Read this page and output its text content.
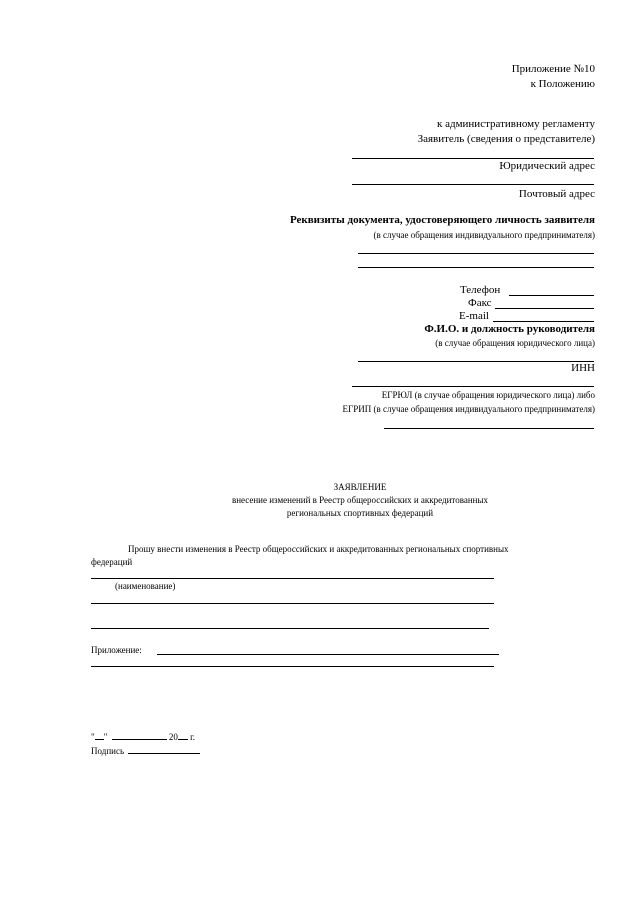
Приложение №10
к Положению
к административному регламенту
Заявитель (сведения о представителе)
Юридический адрес
Почтовый адрес
Реквизиты документа, удостоверяющего личность заявителя
(в случае обращения индивидуального предпринимателя)
Телефон
Факс
E-mail
Ф.И.О. и должность руководителя
(в случае обращения юридического лица)
ИНН
ЕГРЮЛ (в случае обращения юридического лица) либо
ЕГРИП (в случае обращения индивидуального предпринимателя)
ЗАЯВЛЕНИЕ
внесение изменений в Реестр общероссийских и аккредитованных
региональных спортивных федераций
Прошу внести изменения в Реестр общероссийских и аккредитованных региональных спортивных
федераций
(наименование)
Приложение:
" "	20 г.
Подпись
